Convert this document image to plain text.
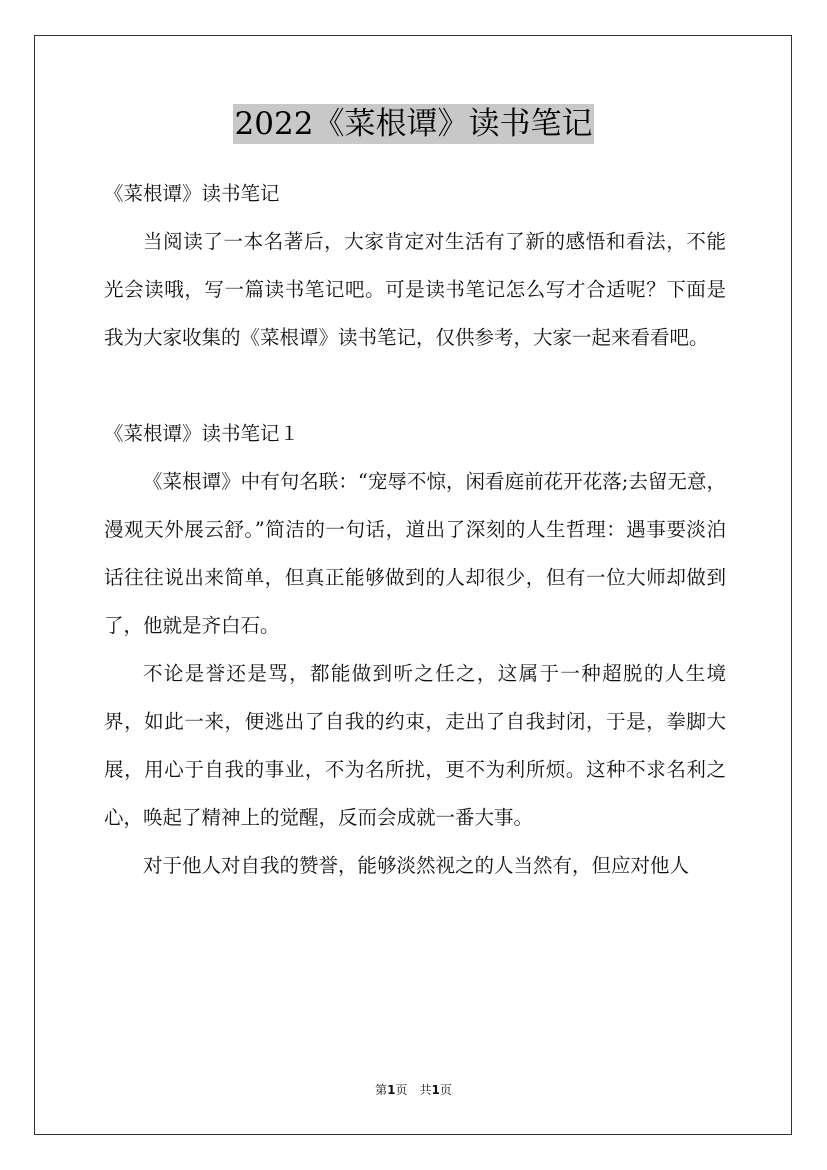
2022《菜根谭》读书笔记

《菜根谭》读书笔记

当阅读了一本名著后，大家肯定对生活有了新的感悟和看法，不能光会读哦，写一篇读书笔记吧。可是读书笔记怎么写才合适呢？下面是我为大家收集的《菜根谭》读书笔记，仅供参考，大家一起来看看吧。

《菜根谭》读书笔记１

《菜根谭》中有句名联：“宠辱不惊，闲看庭前花开花落;去留无意，漫观天外展云舒。”简洁的一句话，道出了深刻的人生哲理：遇事要淡泊话往往说出来简单，但真正能够做到的人却很少，但有一位大师却做到了，他就是齐白石。

不论是誉还是骂，都能做到听之任之，这属于一种超脱的人生境界，如此一来，便逃出了自我的约束，走出了自我封闭，于是，拳脚大展，用心于自我的事业，不为名所扰，更不为利所烦。这种不求名利之心，唤起了精神上的觉醒，反而会成就一番大事。

对于他人对自我的赞誉，能够淡然视之的人当然有，但应对他人

第1页　共1页
